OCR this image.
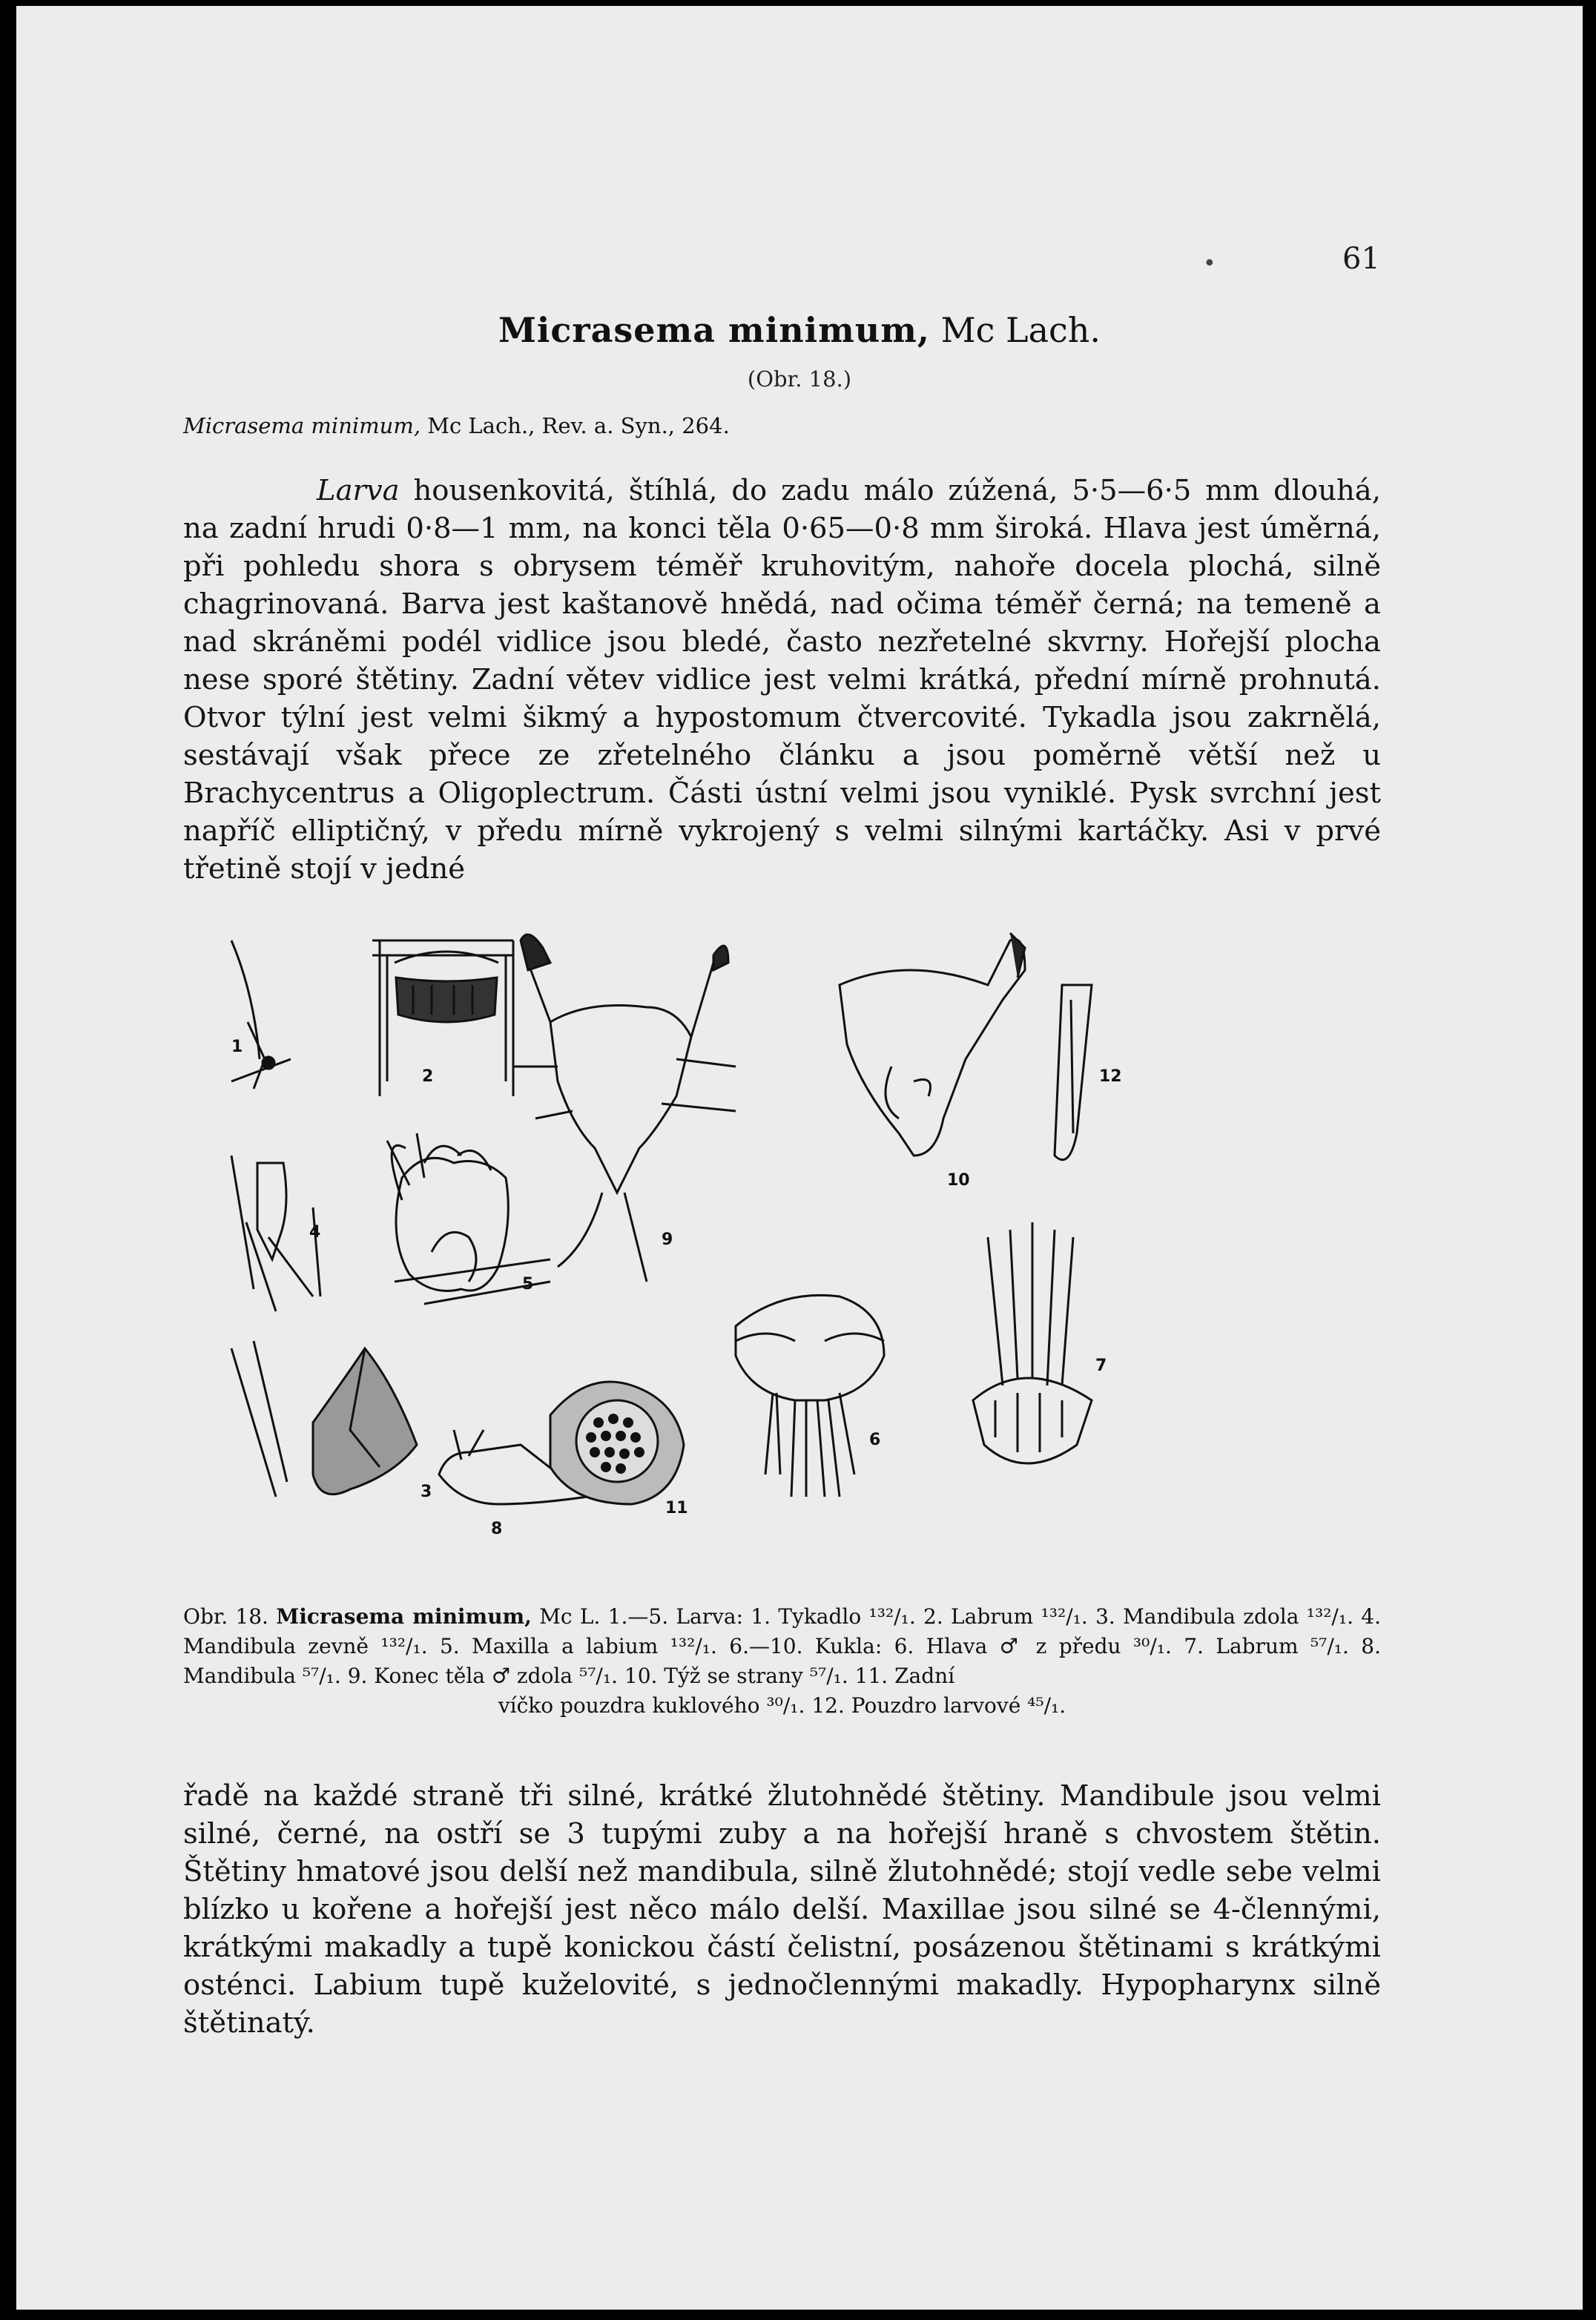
•	61
Micrasema minimum, Mc Lach.
(Obr. 18.)
Micrasema minimum, Mc Lach., Rev. a. Syn., 264.

Larva housenkovitá, štíhlá, do zadu málo zúžená, 5·5—6·5 mm dlouhá, na zadní hrudi 0·8—1 mm, na konci těla 0·65—0·8 mm široká. Hlava jest úměrná, při pohledu shora s obrysem téměř kruhovitým, nahoře docela plochá, silně chagrinovaná. Barva jest kaštanově hnědá, nad očima téměř černá; na temeně a nad skráněmi podél vidlice jsou bledé, často nezřetelné skvrny. Hořejší plocha nese sporé štětiny. Zadní větev vidlice jest velmi krátká, přední mírně prohnutá. Otvor týlní jest velmi šikmý a hypostomum čtvercovité. Tykadla jsou zakrnělá, sestávají však přece ze zřetelného článku a jsou poměrně větší než u Brachycentrus a Oligoplectrum. Části ústní velmi jsou vyniklé. Pysk svrchní jest napříč elliptičný, v předu mírně vykrojený s velmi silnými kartáčky. Asi v prvé třetině stojí v jedné

1
2
4
5
3
8
9
11
6
10
7
12
Obr. 18. Micrasema minimum, Mc L. 1.—5. Larva: 1. Tykadlo ¹³²/₁. 2. Labrum ¹³²/₁. 3. Mandibula zdola ¹³²/₁. 4. Mandibula zevně ¹³²/₁. 5. Maxilla a labium ¹³²/₁. 6.—10. Kukla: 6. Hlava ♂ z předu ³⁰/₁. 7. Labrum ⁵⁷/₁. 8. Mandibula ⁵⁷/₁. 9. Konec těla ♂ zdola ⁵⁷/₁. 10. Týž se strany ⁵⁷/₁. 11. Zadní
víčko pouzdra kuklového ³⁰/₁. 12. Pouzdro larvové ⁴⁵/₁.

řadě na každé straně tři silné, krátké žlutohnědé štětiny. Mandibule jsou velmi silné, černé, na ostří se 3 tupými zuby a na hořejší hraně s chvostem štětin. Štětiny hmatové jsou delší než mandibula, silně žlutohnědé; stojí vedle sebe velmi blízko u kořene a hořejší jest něco málo delší. Maxillae jsou silné se 4-člennými, krátkými makadly a tupě konickou částí čelistní, posázenou štětinami s krátkými osténci. Labium tupě kuželovité, s jednočlennými makadly. Hypopharynx silně štětinatý.
